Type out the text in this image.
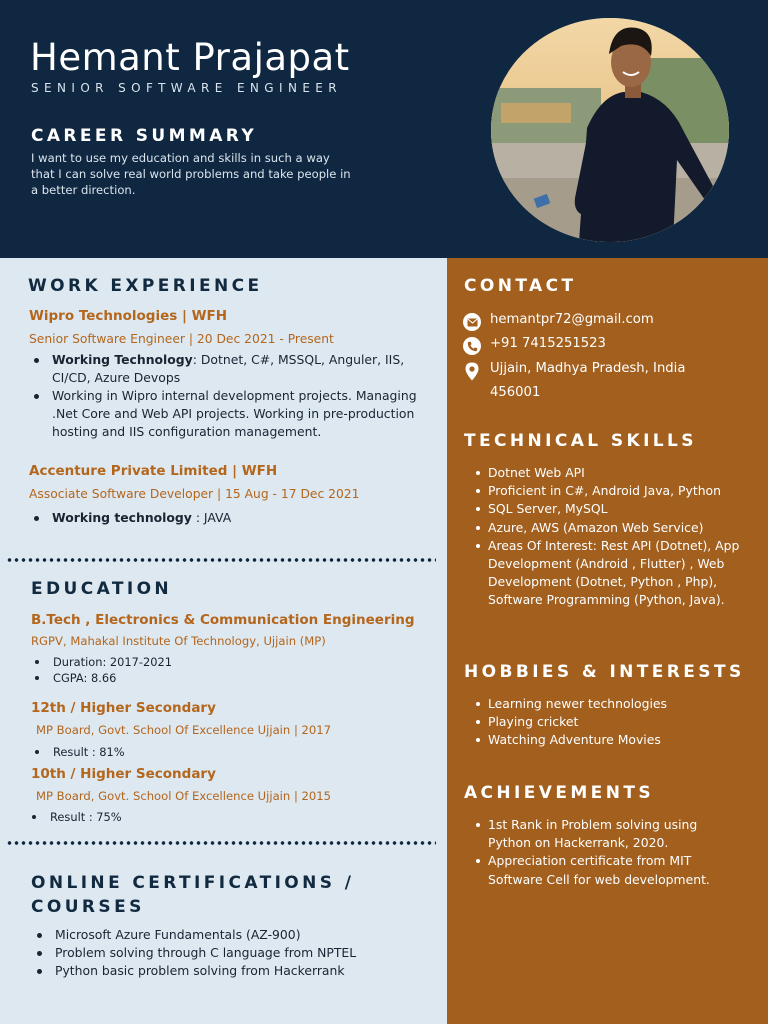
Hemant Prajapat
SENIOR SOFTWARE ENGINEER
CAREER SUMMARY
I want to use my education and skills in such a way that I can solve real world problems and take people in a better direction.
WORK EXPERIENCE
Wipro Technologies | WFH
Senior Software Engineer | 20 Dec 2021 - Present
Working Technology: Dotnet, C#, MSSQL, Anguler, IIS, CI/CD, Azure Devops
Working in Wipro internal development projects. Managing .Net Core and Web API projects. Working in pre-production hosting and IIS configuration management.
Accenture Private Limited | WFH
Associate Software Developer | 15 Aug - 17 Dec 2021
Working technology : JAVA
EDUCATION
B.Tech , Electronics & Communication Engineering
RGPV, Mahakal Institute Of Technology, Ujjain (MP)
Duration: 2017-2021
CGPA: 8.66
12th / Higher Secondary
MP Board, Govt. School Of Excellence Ujjain | 2017
Result : 81%
10th / Higher Secondary
MP Board, Govt. School Of Excellence Ujjain | 2015
Result : 75%
ONLINE CERTIFICATIONS /
COURSES
Microsoft Azure Fundamentals (AZ-900)
Problem solving through C language from NPTEL
Python basic problem solving from Hackerrank
CONTACT
hemantpr72@gmail.com
+91 7415251523
Ujjain, Madhya Pradesh, India
456001
TECHNICAL SKILLS
Dotnet Web API
Proficient in C#, Android Java, Python
SQL Server, MySQL
Azure, AWS (Amazon Web Service)
Areas Of Interest: Rest API (Dotnet), App Development (Android , Flutter) , Web Development (Dotnet, Python , Php), Software Programming (Python, Java).
HOBBIES & INTERESTS
Learning newer technologies
Playing cricket
Watching Adventure Movies
ACHIEVEMENTS
1st Rank in Problem solving using Python on Hackerrank, 2020.
Appreciation certificate from MIT Software Cell for web development.
